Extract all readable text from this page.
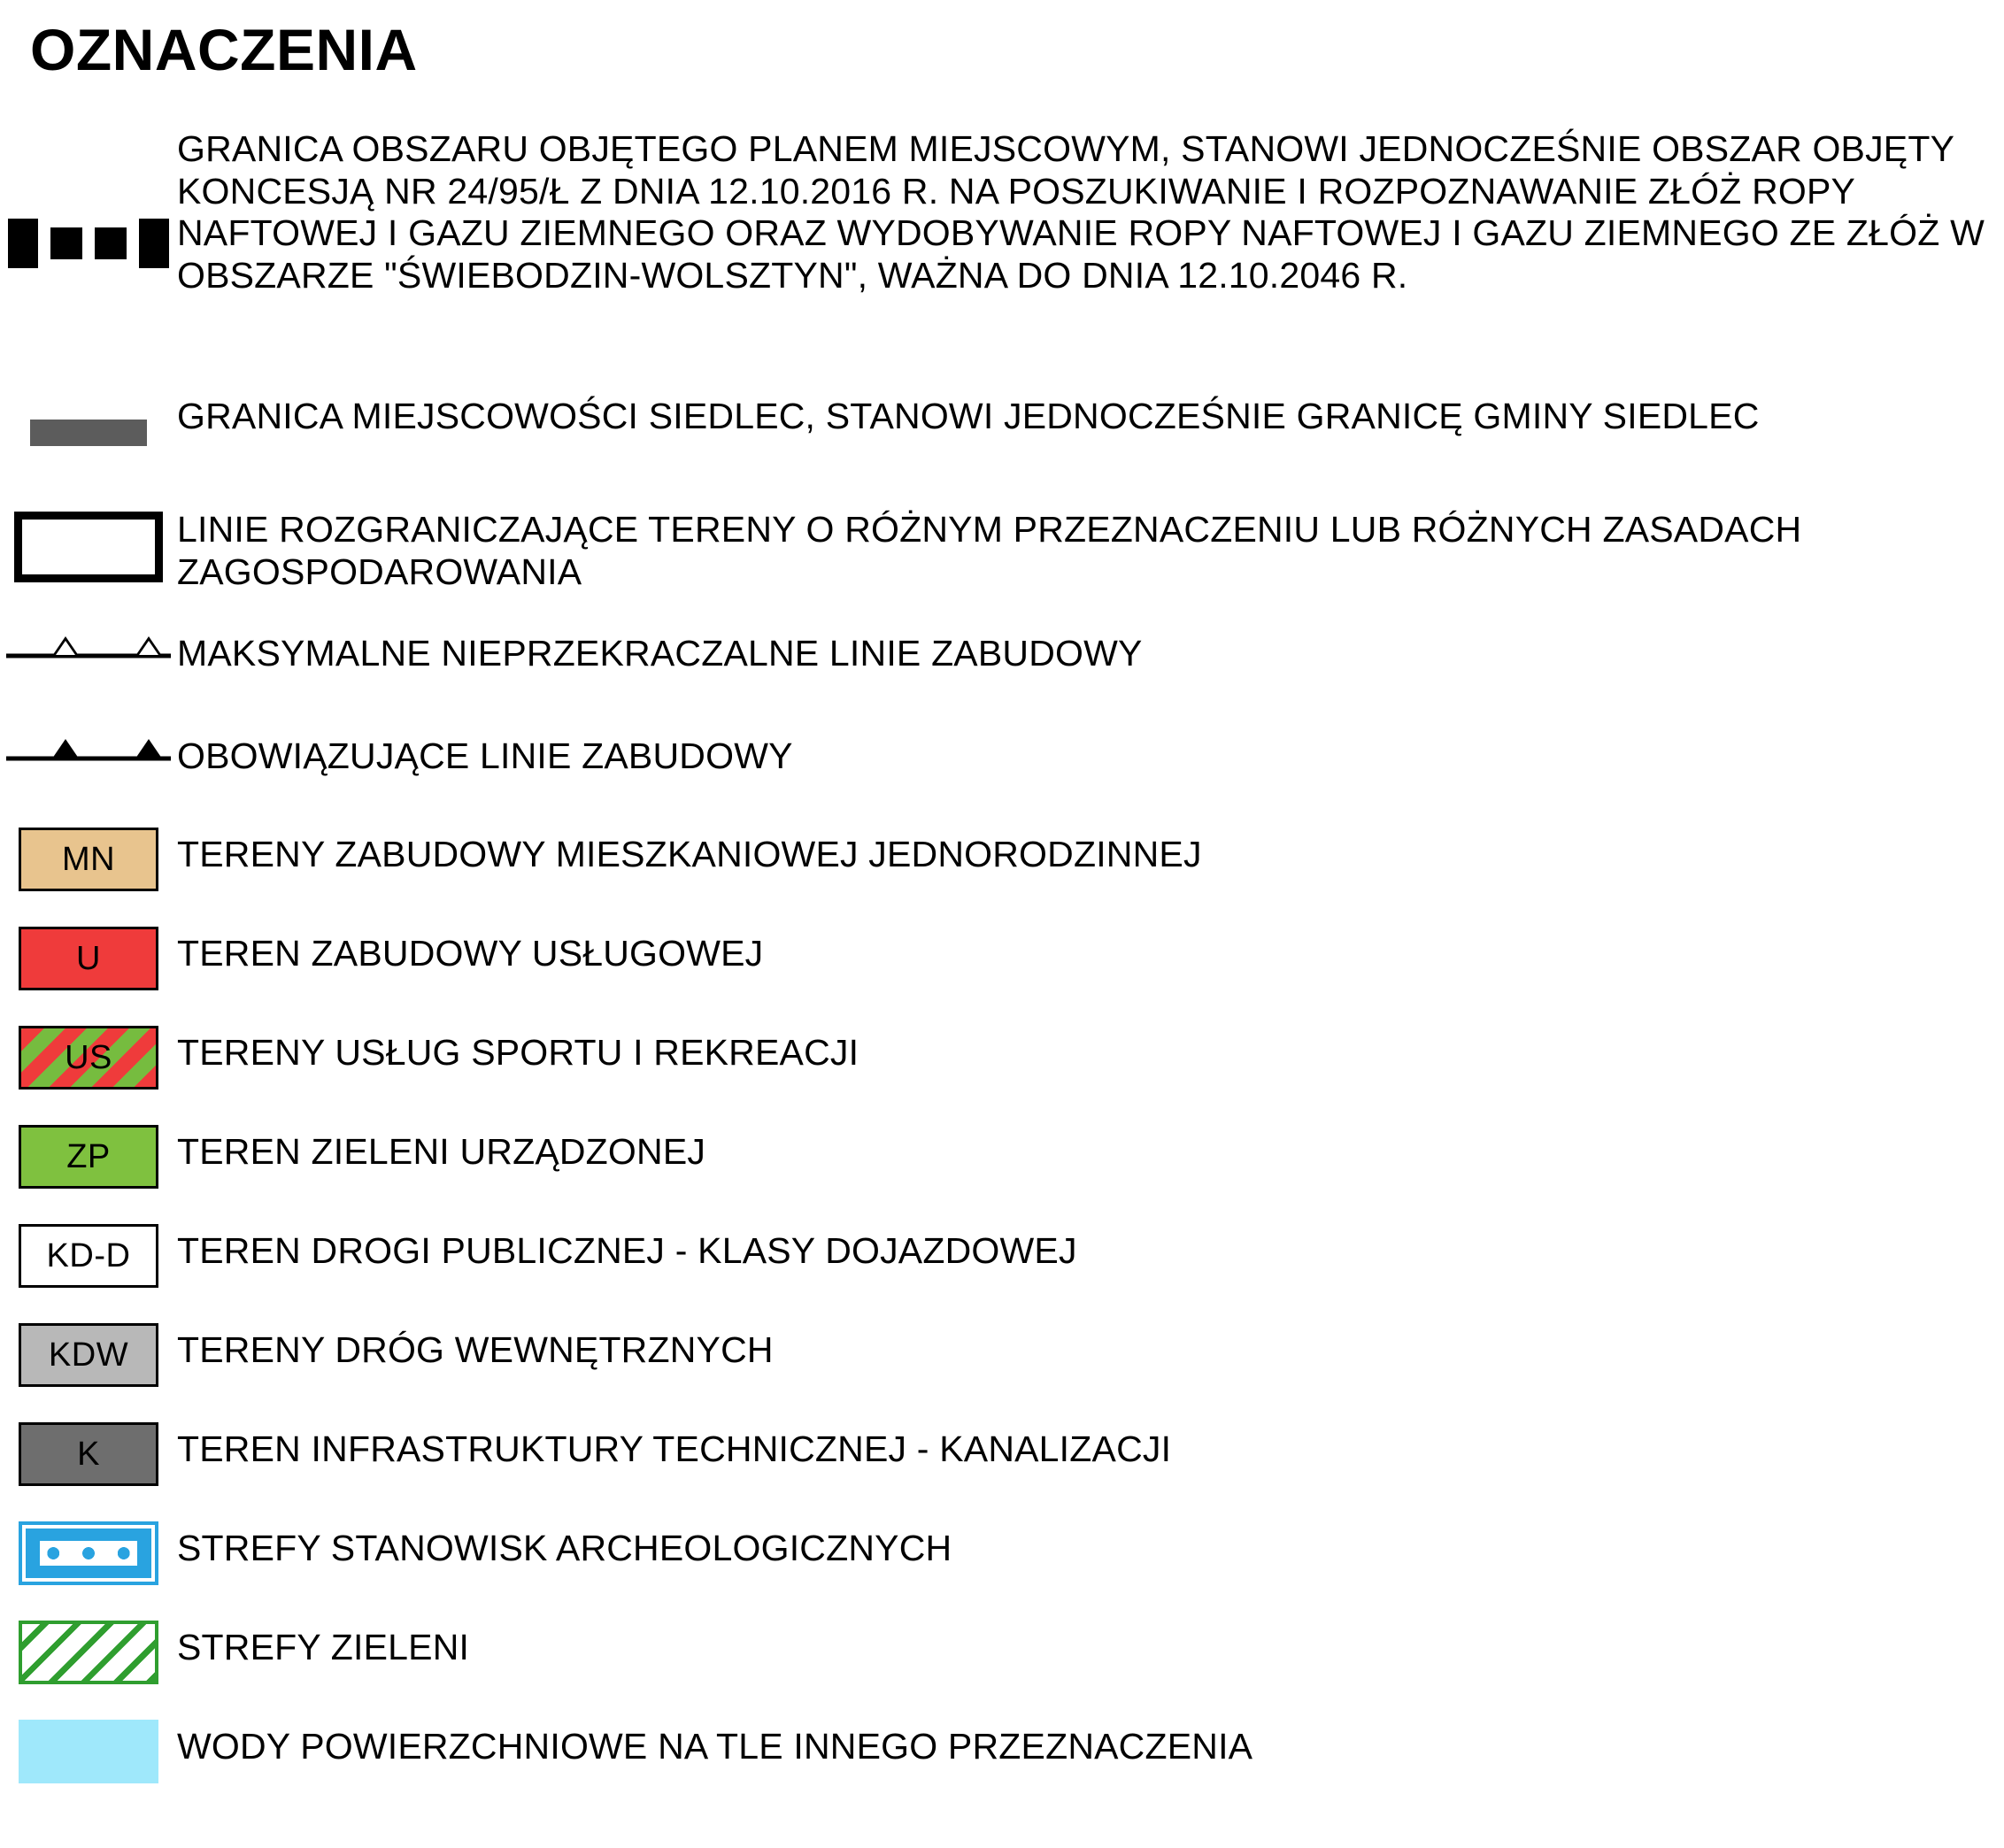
OZNACZENIA
GRANICA OBSZARU OBJĘTEGO PLANEM MIEJSCOWYM, STANOWI JEDNOCZEŚNIE OBSZAR OBJĘTY KONCESJĄ NR 24/95/Ł Z DNIA 12.10.2016 R. NA POSZUKIWANIE I ROZPOZNAWANIE ZŁÓŻ ROPY NAFTOWEJ I GAZU ZIEMNEGO ORAZ WYDOBYWANIE ROPY NAFTOWEJ I GAZU ZIEMNEGO ZE ZŁÓŻ W OBSZARZE "ŚWIEBODZIN-WOLSZTYN", WAŻNA DO DNIA 12.10.2046 R.
GRANICA MIEJSCOWOŚCI SIEDLEC, STANOWI JEDNOCZEŚNIE GRANICĘ GMINY SIEDLEC
LINIE ROZGRANICZAJĄCE TERENY O RÓŻNYM PRZEZNACZENIU LUB RÓŻNYCH ZASADACH ZAGOSPODAROWANIA
MAKSYMALNE NIEPRZEKRACZALNE LINIE ZABUDOWY
OBOWIĄZUJĄCE LINIE ZABUDOWY
MN TERENY ZABUDOWY MIESZKANIOWEJ JEDNORODZINNEJ
U TEREN ZABUDOWY USŁUGOWEJ
US TERENY USŁUG SPORTU I REKREACJI
ZP TEREN ZIELENI URZĄDZONEJ
KD-D TEREN DROGI PUBLICZNEJ - KLASY DOJAZDOWEJ
KDW TERENY DRÓG WEWNĘTRZNYCH
K TEREN INFRASTRUKTURY TECHNICZNEJ - KANALIZACJI
STREFY STANOWISK ARCHEOLOGICZNYCH
STREFY ZIELENI
WODY POWIERZCHNIOWE NA TLE INNEGO PRZEZNACZENIA
